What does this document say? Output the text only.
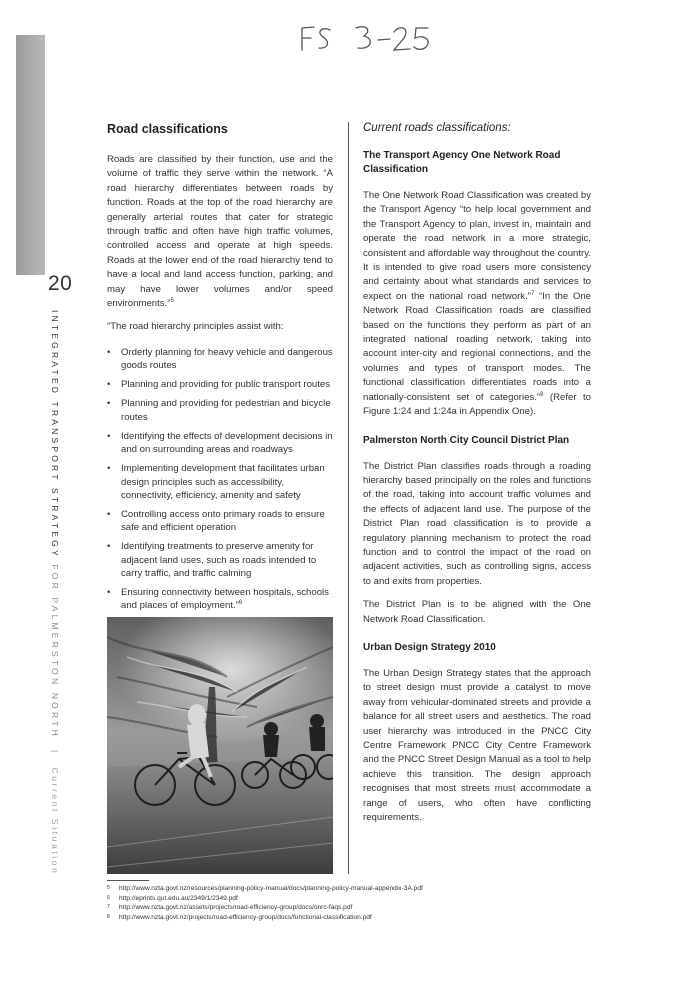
20
INTEGRATED TRANSPORT STRATEGY FOR PALMERSTON NORTH | Current Situation
Road classifications

Roads are classified by their function, use and the volume of traffic they serve within the network. “A road hierarchy differentiates between roads by function. Roads at the top of the road hierarchy are generally arterial routes that cater for strategic through traffic and often have high traffic volumes, controlled access and operate at high speeds. Roads at the lower end of the road hierarchy tend to have a local and land access function, parking, and may have lower volumes and/or speed environments.”$^5$

“The road hierarchy principles assist with:

• Orderly planning for heavy vehicle and dangerous goods routes
• Planning and providing for public transport routes
• Planning and providing for pedestrian and bicycle routes
• Identifying the effects of development decisions in and on surrounding areas and roadways
• Implementing development that facilitates urban design principles such as accessibility, connectivity, efficiency, amenity and safety
• Controlling access onto primary roads to ensure safe and efficient operation
• Identifying treatments to preserve amenity for adjacent land uses, such as roads intended to carry traffic, and traffic calming
• Ensuring connectivity between hospitals, schools and places of employment.”$^6$
Current roads classifications:
The Transport Agency One Network Road Classification

The One Network Road Classification was created by the Transport Agency “to help local government and the Transport Agency to plan, invest in, maintain and operate the road network in a more strategic, consistent and affordable way throughout the country. It is intended to give road users more consistency and certainty about what standards and services to expect on the national road network.”$^7$ “In the One Network Road Classification roads are classified based on the functions they perform as part of an integrated national roading network, taking into account inter-city and regional connections, and the volumes and types of transport modes. The functional classification differentiates roads into a nationally-consistent set of categories.”$^8$ (Refer to Figure 1:24 and 1:24a in Appendix One).

Palmerston North City Council District Plan

The District Plan classifies roads through a roading hierarchy based principally on the roles and functions of the road, taking into account traffic volumes and the effects of adjacent land use. The purpose of the District Plan road classification is to provide a regulatory planning mechanism to protect the road function and to control the impact of the road on adjacent activities, such as controlling signs, access to and exits from properties.

The District Plan is to be aligned with the One Network Road Classification.

Urban Design Strategy 2010

The Urban Design Strategy states that the approach to street design must provide a catalyst to move away from vehicular-dominated streets and provide a balance for all street users and aesthetics. The road user hierarchy was introduced in the PNCC City Centre Framework PNCC City Centre Framework and the PNCC Street Design Manual as a tool to help achieve this transition. The design approach recognises that most streets must accommodate a range of users, who often have conflicting requirements.

5 http://www.nzta.govt.nz/resources/planning-policy-manual/docs/planning-policy-manual-appendix-3A.pdf
6 http://eprints.qut.edu.au/2349/1/2349.pdf
7 http://www.nzta.govt.nz/assets/projects/road-efficiency-group/docs/onrc-faqs.pdf
8 http://www.nzta.govt.nz/projects/road-efficiency-group/docs/functional-classification.pdf
